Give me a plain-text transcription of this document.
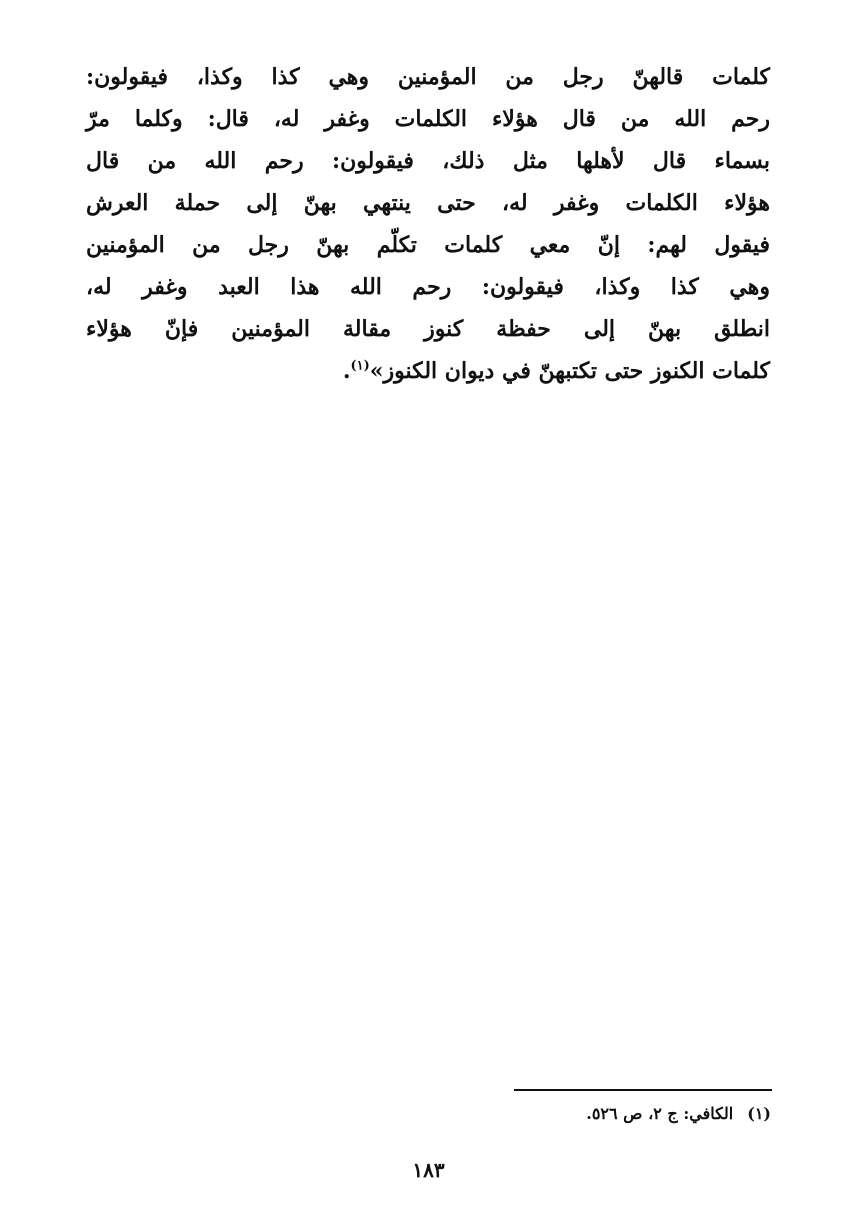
كلمات قالهنّ رجل من المؤمنين وهي كذا وكذا، فيقولون:
رحم الله من قال هؤلاء الكلمات وغفر له، قال: وكلما مرّ
بسماء قال لأهلها مثل ذلك، فيقولون: رحم الله من قال
هؤلاء الكلمات وغفر له، حتى ينتهي بهنّ إلى حملة العرش
فيقول لهم: إنّ معي كلمات تكلّم بهنّ رجل من المؤمنين
وهي كذا وكذا، فيقولون: رحم الله هذا العبد وغفر له،
انطلق بهنّ إلى حفظة كنوز مقالة المؤمنين فإنّ هؤلاء
كلمات الكنوز حتى تكتبهنّ في ديوان الكنوز»$^{(١)}$.
(١)الكافي: ج ٢، ص ٥٢٦.
١٨٣
